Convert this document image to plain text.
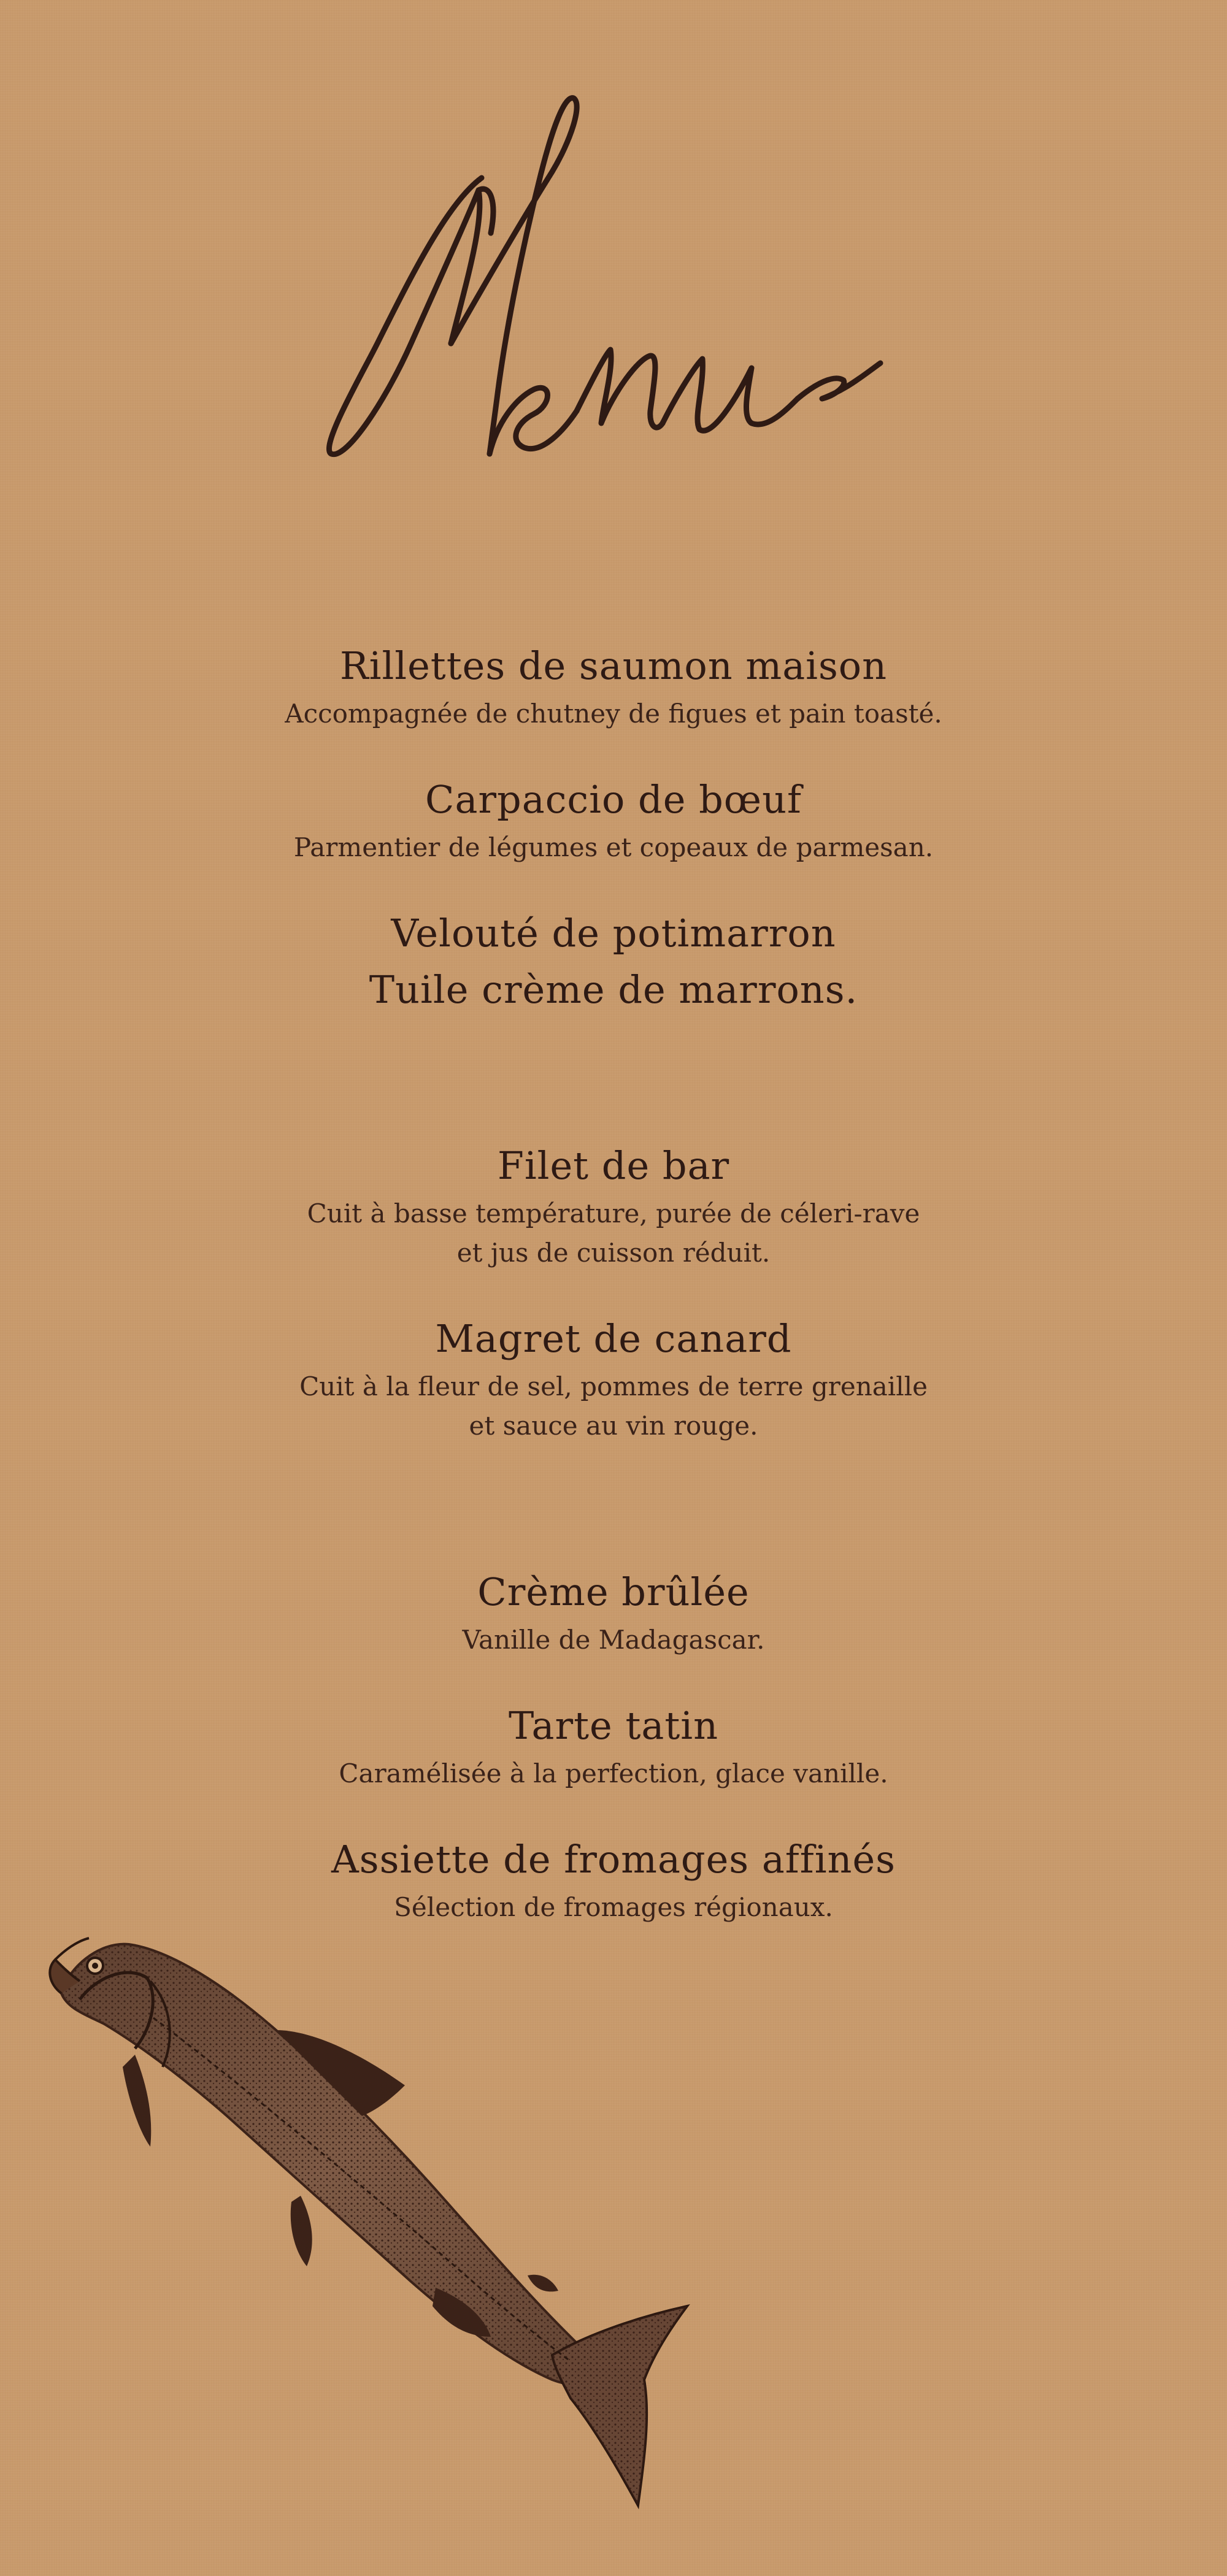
Rillettes de saumon maison

Accompagnée de chutney de figues et pain toasté.

Carpaccio de bœuf

Parmentier de légumes et copeaux de parmesan.

Velouté de potimarron

Tuile crème de marrons.

Filet de bar

Cuit à basse température, purée de céleri-rave

et jus de cuisson réduit.

Magret de canard

Cuit à la fleur de sel, pommes de terre grenaille

et sauce au vin rouge.

Crème brûlée

Vanille de Madagascar.

Tarte tatin

Caramélisée à la perfection, glace vanille.

Assiette de fromages affinés

Sélection de fromages régionaux.
